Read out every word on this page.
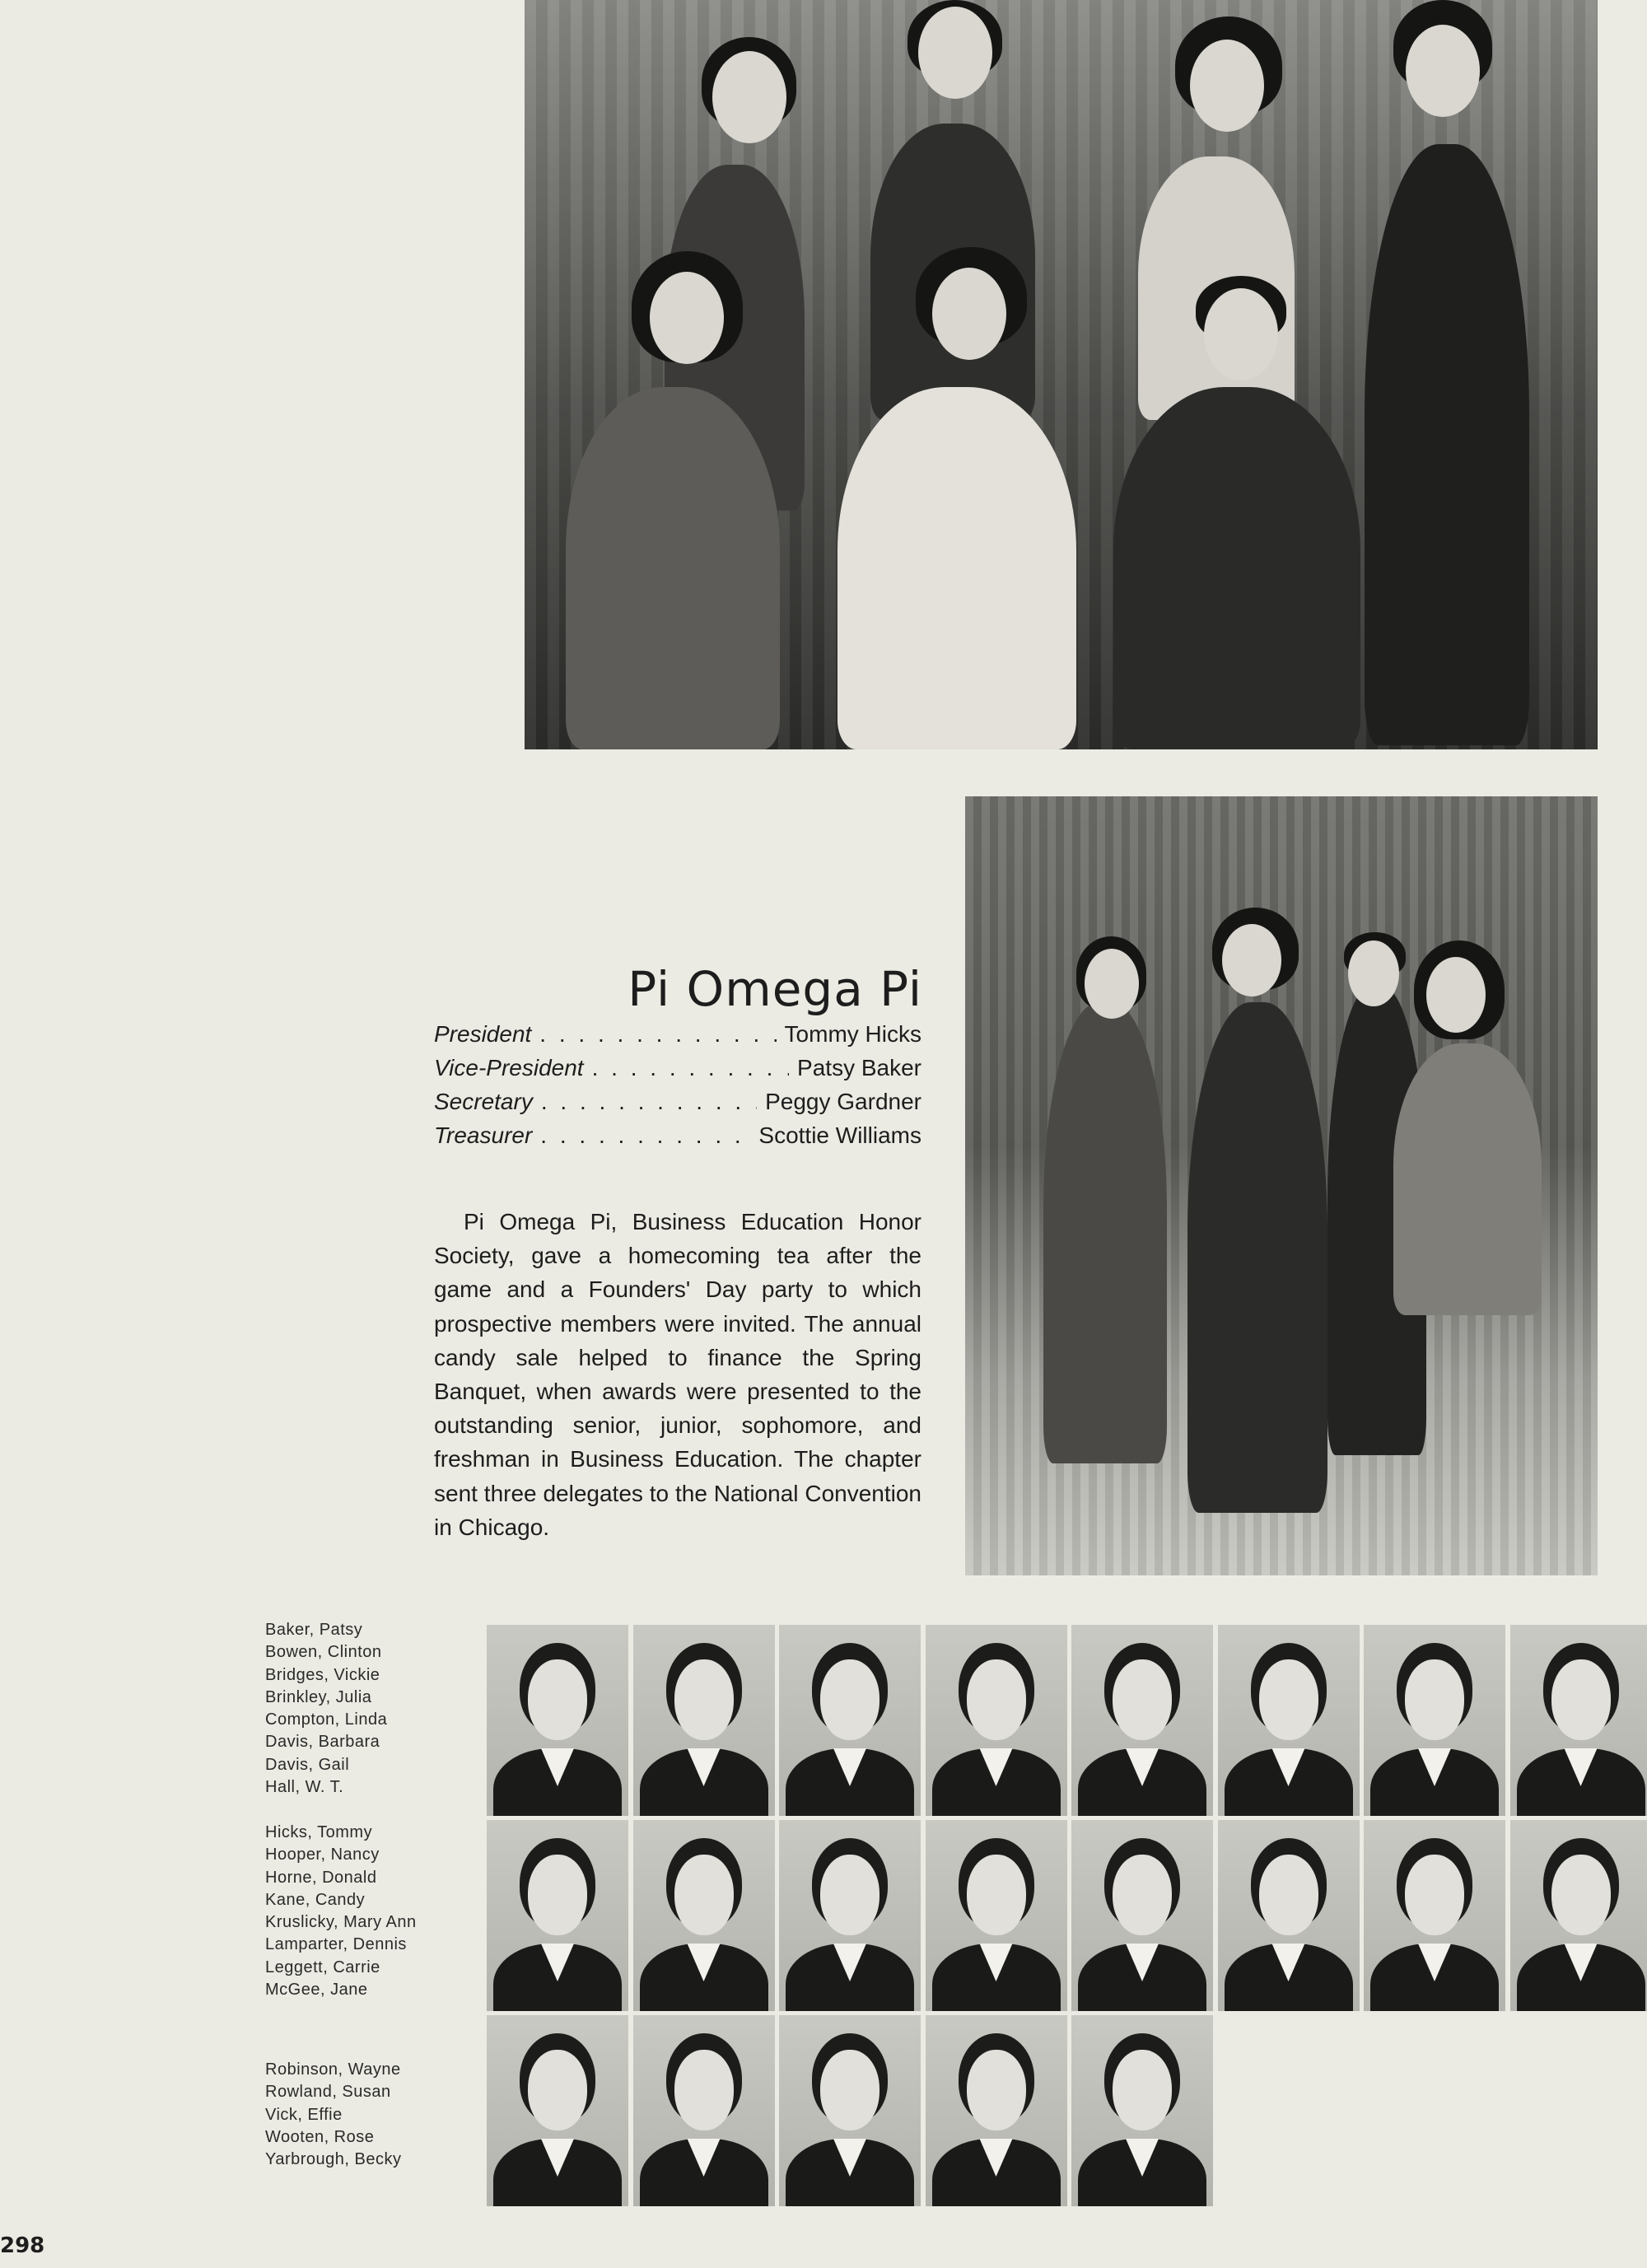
Pi Omega Pi
President . . .	Tommy Hicks
Vice-President . . .	Patsy Baker
Secretary . . .	Peggy Gardner
Treasurer . . .	Scottie Williams

Pi Omega Pi, Business Education Honor Society, gave a homecoming tea after the game and a Founders' Day party to which prospective members were invited. The annual candy sale helped to finance the Spring Banquet, when awards were presented to the outstanding senior, junior, sophomore, and freshman in Business Education. The chapter sent three delegates to the National Convention in Chicago.

Baker, Patsy
Bowen, Clinton
Bridges, Vickie
Brinkley, Julia
Compton, Linda
Davis, Barbara
Davis, Gail
Hall, W. T.
Hicks, Tommy
Hooper, Nancy
Horne, Donald
Kane, Candy
Kruslicky, Mary Ann
Lamparter, Dennis
Leggett, Carrie
McGee, Jane
Robinson, Wayne
Rowland, Susan
Vick, Effie
Wooten, Rose
Yarbrough, Becky
298
